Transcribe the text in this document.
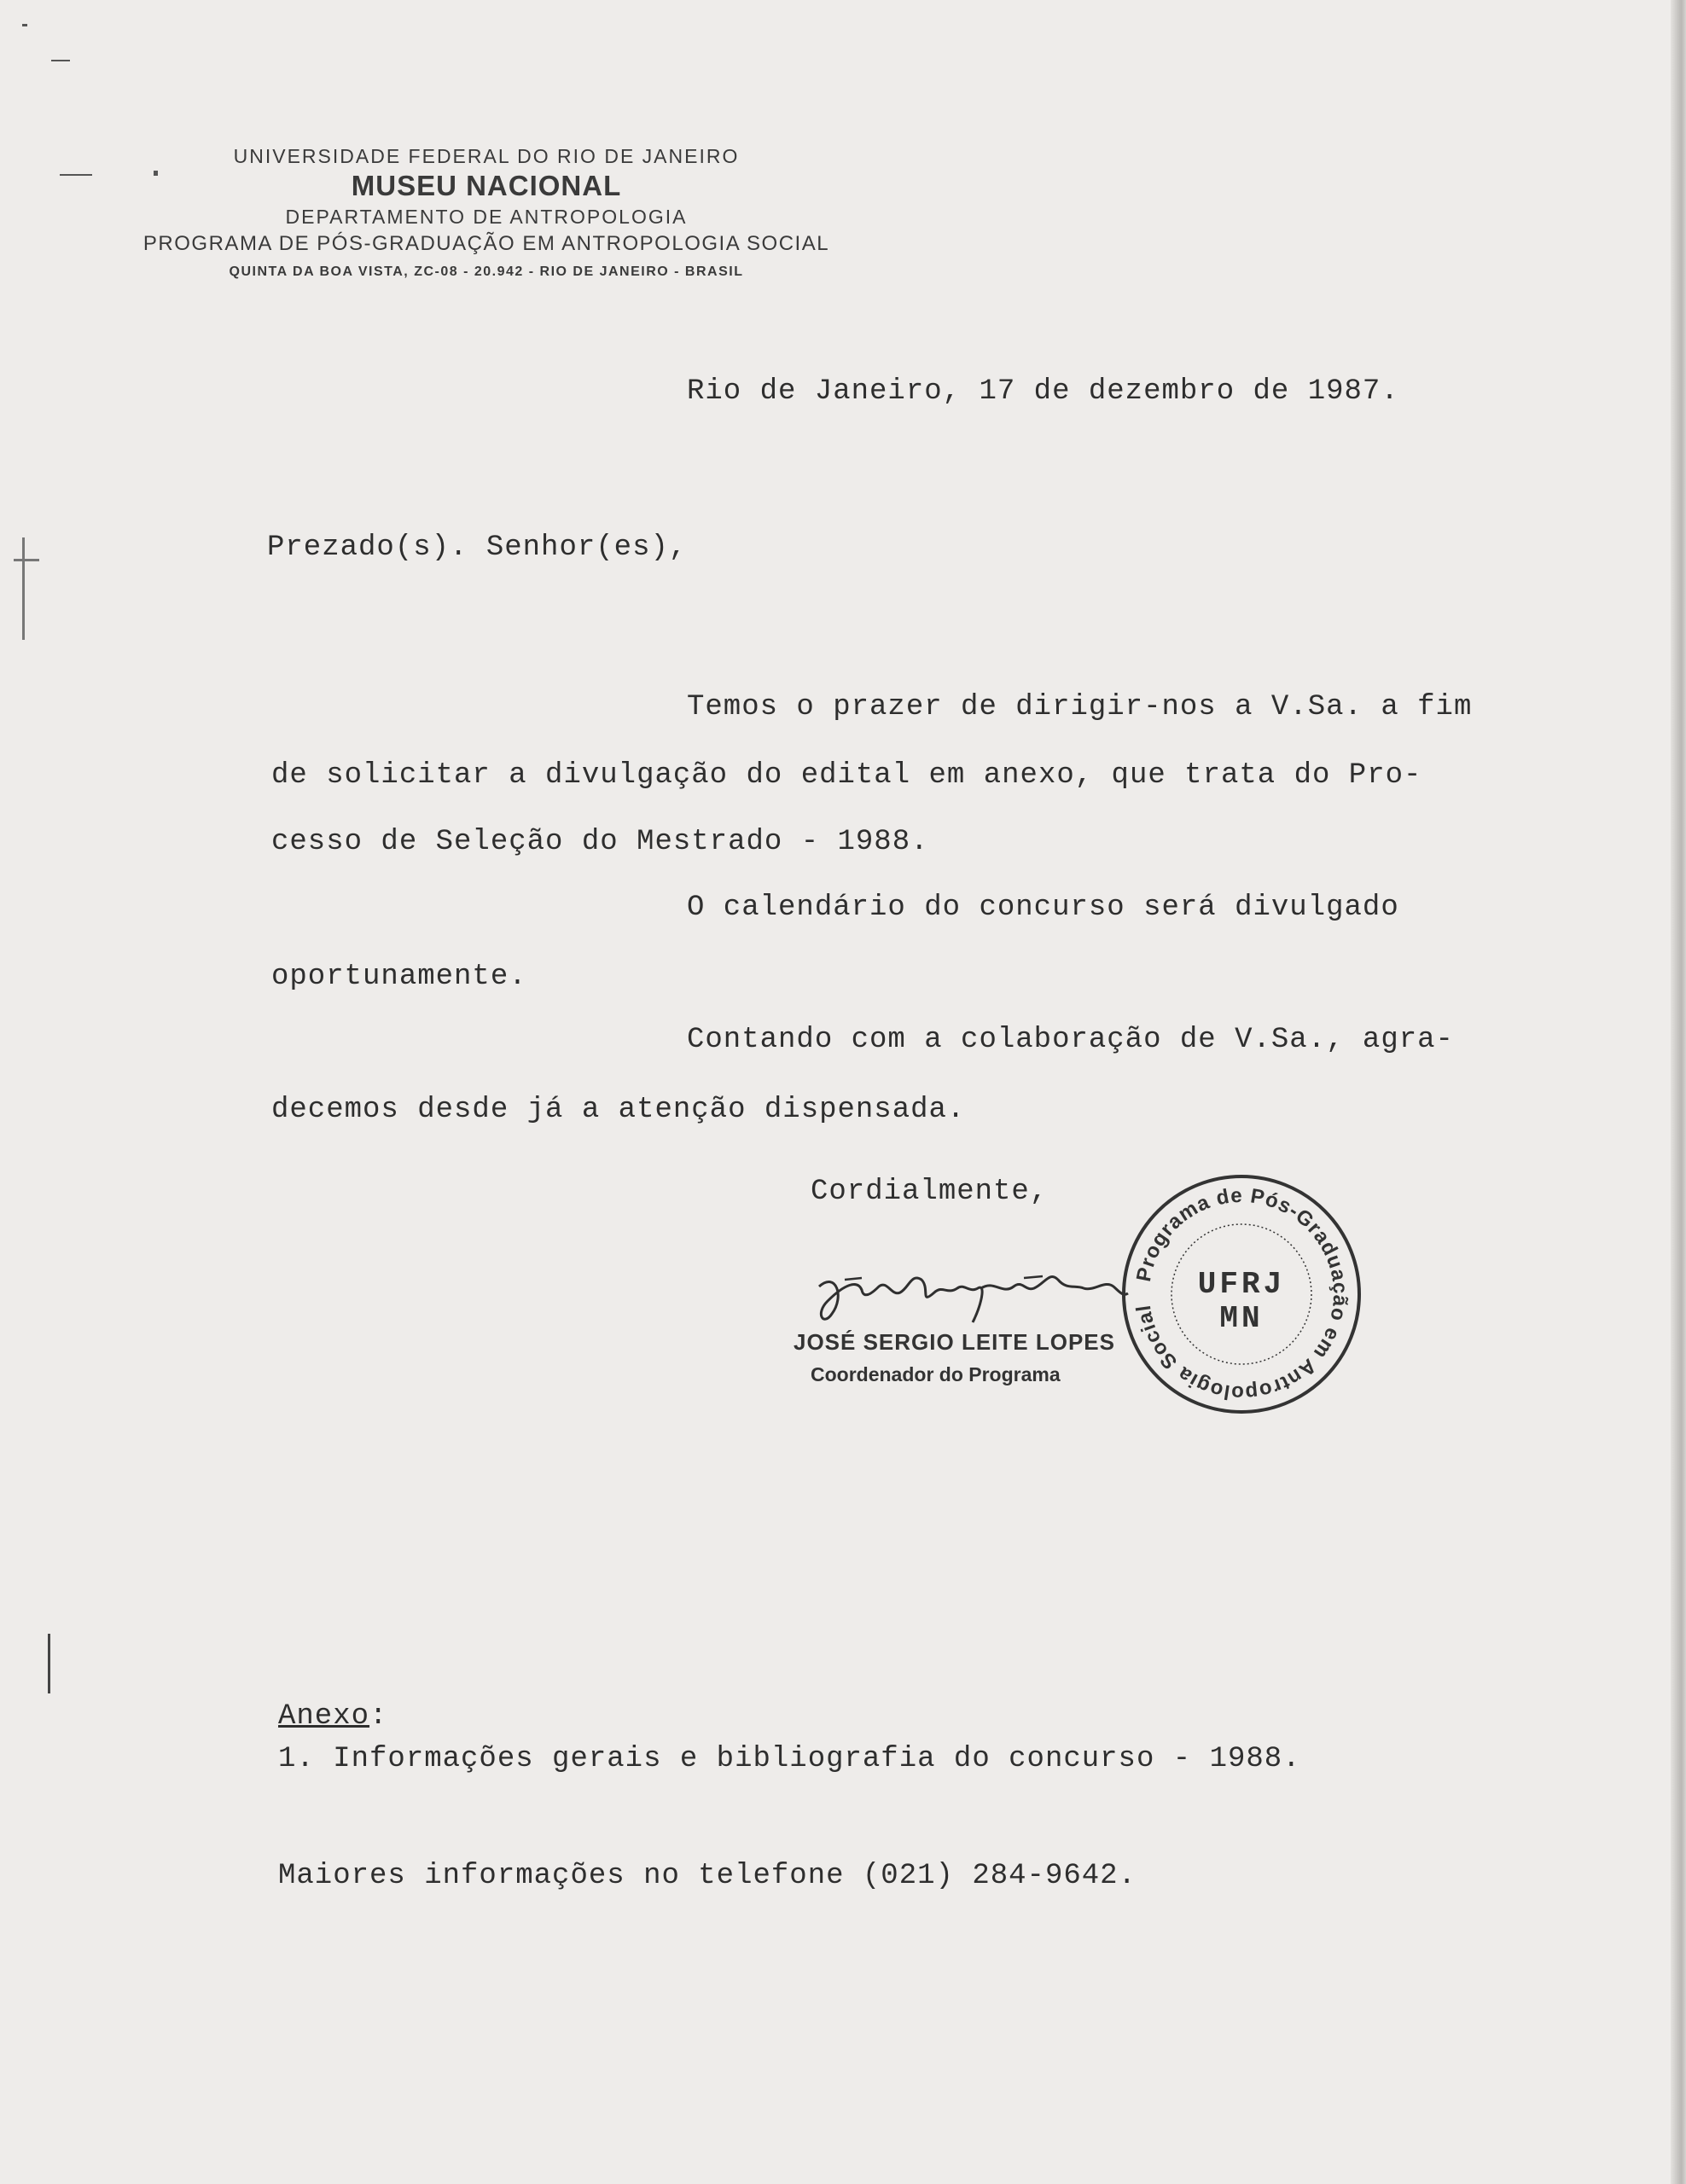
UNIVERSIDADE FEDERAL DO RIO DE JANEIRO
MUSEU NACIONAL
DEPARTAMENTO DE ANTROPOLOGIA
PROGRAMA DE PÓS-GRADUAÇÃO EM ANTROPOLOGIA SOCIAL
QUINTA DA BOA VISTA, ZC-08 - 20.942 - RIO DE JANEIRO - BRASIL
Rio de Janeiro, 17 de dezembro de 1987.
Prezado(s). Senhor(es),
Temos o prazer de dirigir-nos a V.Sa. a fim
de solicitar a divulgação do edital em anexo, que trata do Pro-
cesso de Seleção do Mestrado - 1988.
O calendário do concurso será divulgado
oportunamente.
Contando com a colaboração de V.Sa., agra-
decemos desde já a atenção dispensada.
Cordialmente,
JOSÉ SERGIO LEITE LOPES
Coordenador do Programa
Programa de Pós-Graduação em Antropologia Social
UFRJ
MN
Anexo:
1. Informações gerais e bibliografia do concurso - 1988.
Maiores informações no telefone (021) 284-9642.
